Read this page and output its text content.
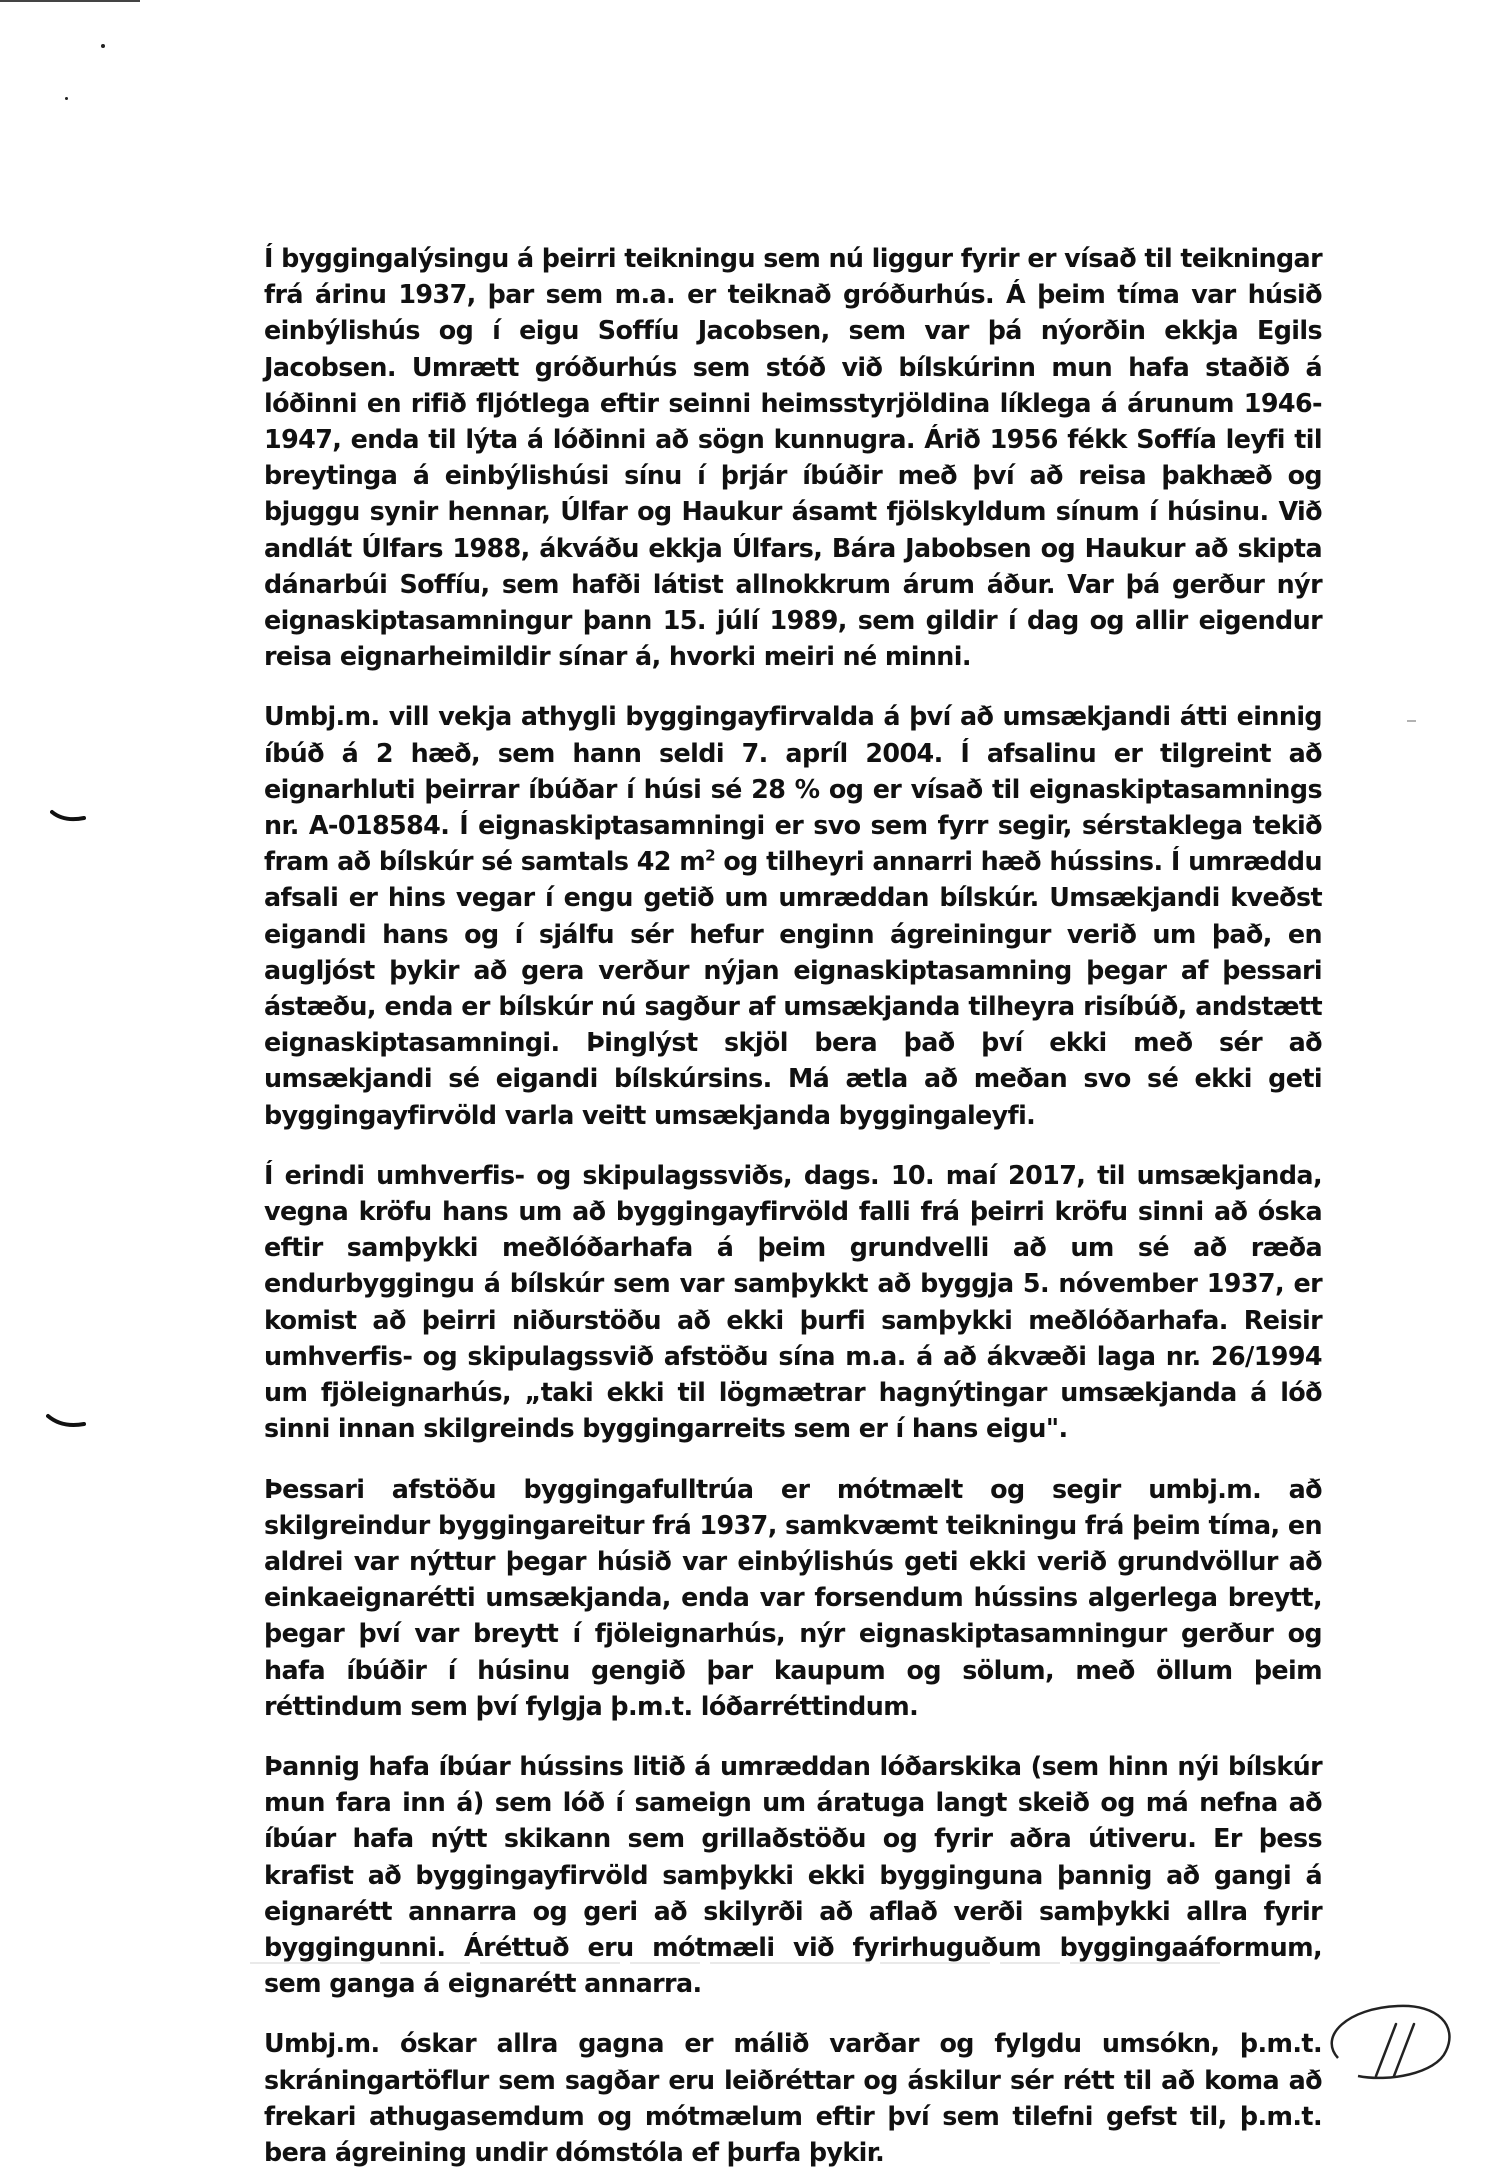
Í byggingalýsingu á þeirri teikningu sem nú liggur fyrir er vísað til teikningar frá árinu 1937, þar sem m.a. er teiknað gróðurhús. Á þeim tíma var húsið einbýlishús og í eigu Soffíu Jacobsen, sem var þá nýorðin ekkja Egils Jacobsen. Umrætt gróðurhús sem stóð við bílskúrinn mun hafa staðið á lóðinni en rifið fljótlega eftir seinni heimsstyrjöldina líklega á árunum 1946-1947, enda til lýta á lóðinni að sögn kunnugra. Árið 1956 fékk Soffía leyfi til breytinga á einbýlishúsi sínu í þrjár íbúðir með því að reisa þakhæð og bjuggu synir hennar, Úlfar og Haukur ásamt fjölskyldum sínum í húsinu. Við andlát Úlfars 1988, ákváðu ekkja Úlfars, Bára Jabobsen og Haukur að skipta dánarbúi Soffíu, sem hafði látist allnokkrum árum áður. Var þá gerður nýr eignaskiptasamningur þann 15. júlí 1989, sem gildir í dag og allir eigendur reisa eignarheimildir sínar á, hvorki meiri né minni.

Umbj.m. vill vekja athygli byggingayfirvalda á því að umsækjandi átti einnig íbúð á 2 hæð, sem hann seldi 7. apríl 2004. Í afsalinu er tilgreint að eignarhluti þeirrar íbúðar í húsi sé 28 % og er vísað til eignaskiptasamnings nr. A-018584. Í eignaskiptasamningi er svo sem fyrr segir, sérstaklega tekið fram að bílskúr sé samtals 42 $m^2$ og tilheyri annarri hæð hússins. Í umræddu afsali er hins vegar í engu getið um umræddan bílskúr. Umsækjandi kveðst eigandi hans og í sjálfu sér hefur enginn ágreiningur verið um það, en augljóst þykir að gera verður nýjan eignaskiptasamning þegar af þessari ástæðu, enda er bílskúr nú sagður af umsækjanda tilheyra risíbúð, andstætt eignaskiptasamningi. Þinglýst skjöl bera það því ekki með sér að umsækjandi sé eigandi bílskúrsins. Má ætla að meðan svo sé ekki geti byggingayfirvöld varla veitt umsækjanda byggingaleyfi.

Í erindi umhverfis- og skipulagssviðs, dags. 10. maí 2017, til umsækjanda, vegna kröfu hans um að byggingayfirvöld falli frá þeirri kröfu sinni að óska eftir samþykki meðlóðarhafa á þeim grundvelli að um sé að ræða endurbyggingu á bílskúr sem var samþykkt að byggja 5. nóvember 1937, er komist að þeirri niðurstöðu að ekki þurfi samþykki meðlóðarhafa. Reisir umhverfis- og skipulagssvið afstöðu sína m.a. á að ákvæði laga nr. 26/1994 um fjöleignarhús, „taki ekki til lögmætrar hagnýtingar umsækjanda á lóð sinni innan skilgreinds byggingarreits sem er í hans eigu".

Þessari afstöðu byggingafulltrúa er mótmælt og segir umbj.m. að skilgreindur byggingareitur frá 1937, samkvæmt teikningu frá þeim tíma, en aldrei var nýttur þegar húsið var einbýlishús geti ekki verið grundvöllur að einkaeignarétti umsækjanda, enda var forsendum hússins algerlega breytt, þegar því var breytt í fjöleignarhús, nýr eignaskiptasamningur gerður og hafa íbúðir í húsinu gengið þar kaupum og sölum, með öllum þeim réttindum sem því fylgja þ.m.t. lóðarréttindum.

Þannig hafa íbúar hússins litið á umræddan lóðarskika (sem hinn nýi bílskúr mun fara inn á) sem lóð í sameign um áratuga langt skeið og má nefna að íbúar hafa nýtt skikann sem grillaðstöðu og fyrir aðra útiveru. Er þess krafist að byggingayfirvöld samþykki ekki bygginguna þannig að gangi á eignarétt annarra og geri að skilyrði að aflað verði samþykki allra fyrir byggingunni. Áréttuð eru mótmæli við fyrirhuguðum byggingaáformum, sem ganga á eignarétt annarra.

Umbj.m. óskar allra gagna er málið varðar og fylgdu umsókn, þ.m.t. skráningartöflur sem sagðar eru leiðréttar og áskilur sér rétt til að koma að frekari athugasemdum og mótmælum eftir því sem tilefni gefst til, þ.m.t. bera ágreining undir dómstóla ef þurfa þykir.
